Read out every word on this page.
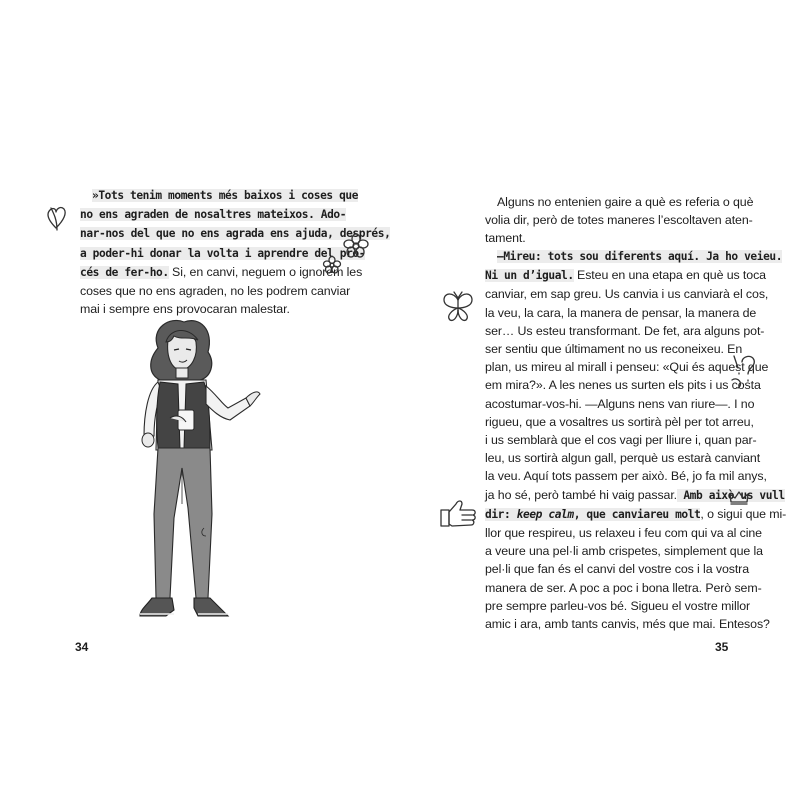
»Tots tenim moments més baixos i coses que
no ens agraden de nosaltres mateixos. Ado-
nar-nos del que no ens agrada ens ajuda, després,
a poder-hi donar la volta i aprendre del pro-
cés de fer-ho. Si, en canvi, neguem o ignorem les
coses que no ens agraden, no les podrem canviar
mai i sempre ens provocaran malestar.
34
Alguns no entenien gaire a què es referia o què
volia dir, però de totes maneres l’escoltaven aten-
tament.
—Mireu: tots sou diferents aquí. Ja ho veieu.
Ni un d’igual. Esteu en una etapa en què us toca
canviar, em sap greu. Us canvia i us canviarà el cos,
la veu, la cara, la manera de pensar, la manera de
ser… Us esteu transformant. De fet, ara alguns pot-
ser sentiu que últimament no us reconeixeu. En
plan, us mireu al mirall i penseu: «Qui és aquest que
em mira?». A les nenes us surten els pits i us costa
acostumar-vos-hi. —Alguns nens van riure—. I no
rigueu, que a vosaltres us sortirà pèl per tot arreu,
i us semblarà que el cos vagi per lliure i, quan par-
leu, us sortirà algun gall, perquè us estarà canviant
la veu. Aquí tots passem per això. Bé, jo fa mil anys,
ja ho sé, però també hi vaig passar. Amb això us vull
dir: keep calm, que canviareu molt, o sigui que mi-
llor que respireu, us relaxeu i feu com qui va al cine
a veure una pel·li amb crispetes, simplement que la
pel·li que fan és el canvi del vostre cos i la vostra
manera de ser. A poc a poc i bona lletra. Però sem-
pre sempre parleu-vos bé. Sigueu el vostre millor
amic i ara, amb tants canvis, més que mai. Entesos?
35
